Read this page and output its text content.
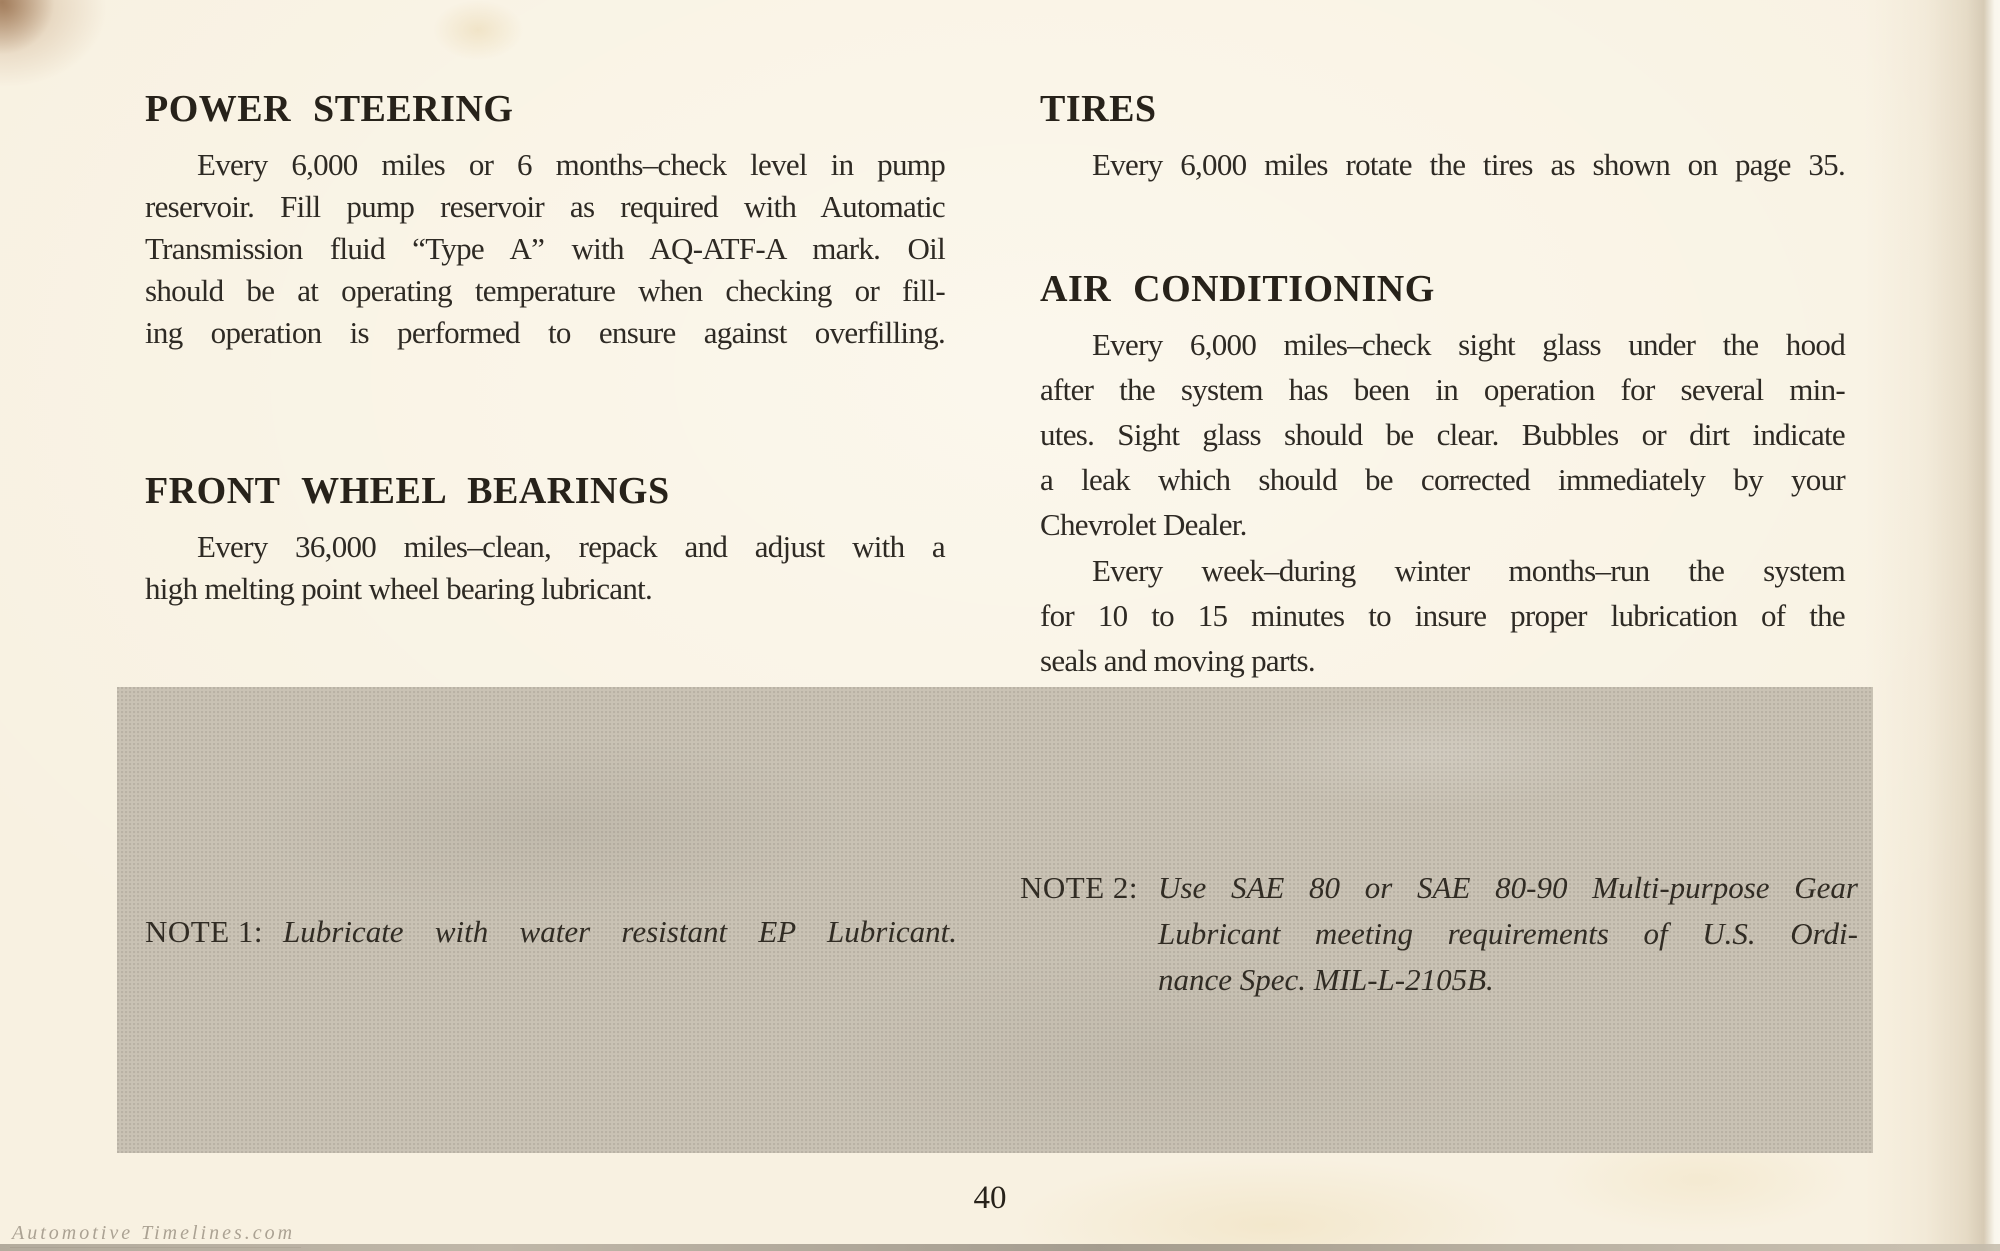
POWER STEERING
Every 6,000 miles or 6 months–check level in pump
reservoir. Fill pump reservoir as required with Automatic
Transmission fluid “Type A” with AQ-ATF-A mark. Oil
should be at operating temperature when checking or fill-
ing operation is performed to ensure against overfilling.
FRONT WHEEL BEARINGS
Every 36,000 miles–clean, repack and adjust with a
high melting point wheel bearing lubricant.
TIRES
Every 6,000 miles rotate the tires as shown on page 35.
AIR CONDITIONING
Every 6,000 miles–check sight glass under the hood
after the system has been in operation for several min-
utes. Sight glass should be clear. Bubbles or dirt indicate
a leak which should be corrected immediately by your
Chevrolet Dealer.
Every week–during winter months–run the system
for 10 to 15 minutes to insure proper lubrication of the
seals and moving parts.
NOTE 1: Lubricate with water resistant EP Lubricant.
NOTE 2: Use SAE 80 or SAE 80-90 Multi-purpose Gear
Lubricant meeting requirements of U.S. Ordi-
nance Spec. MIL-L-2105B.
40
Automotive Timelines.com
